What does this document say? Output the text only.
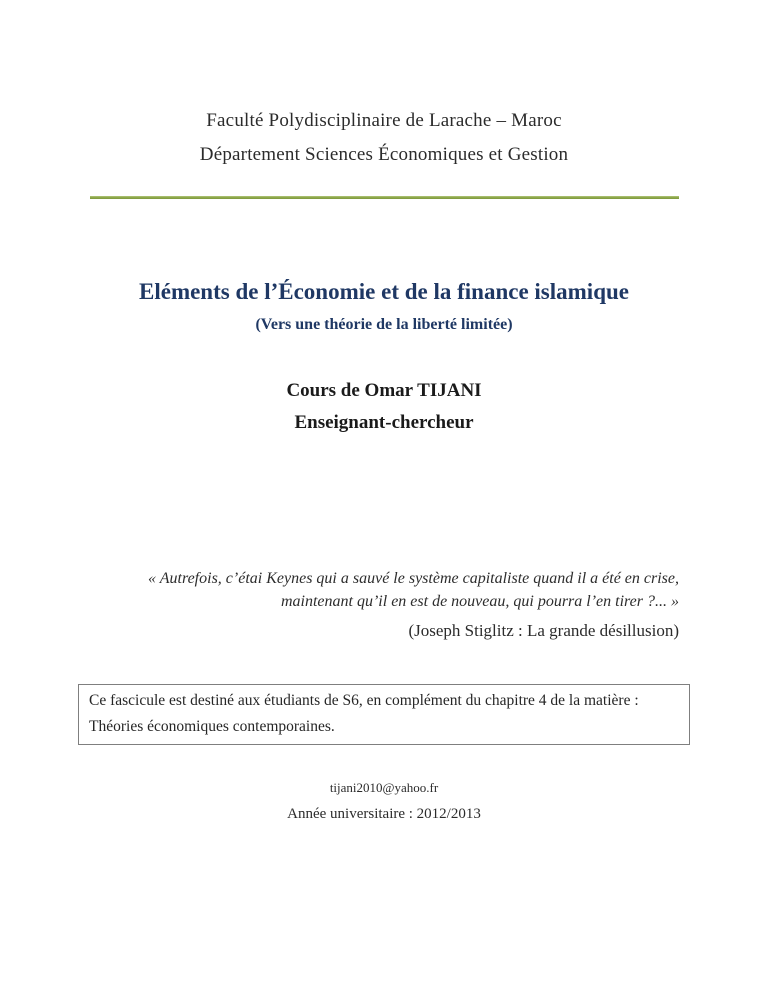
Faculté Polydisciplinaire de Larache – Maroc
Département Sciences Économiques et Gestion
Eléments de l’Économie et de la finance islamique
(Vers une théorie de la liberté limitée)
Cours de Omar TIJANI
Enseignant-chercheur
« Autrefois, c’étai Keynes qui a sauvé le système capitaliste quand il a été en crise,
maintenant qu’il en est de nouveau, qui pourra l’en tirer ?... »
(Joseph Stiglitz : La grande désillusion)
Ce fascicule est destiné aux étudiants de S6, en complément du chapitre 4 de la matière :
Théories économiques contemporaines.
tijani2010@yahoo.fr
Année universitaire : 2012/2013
